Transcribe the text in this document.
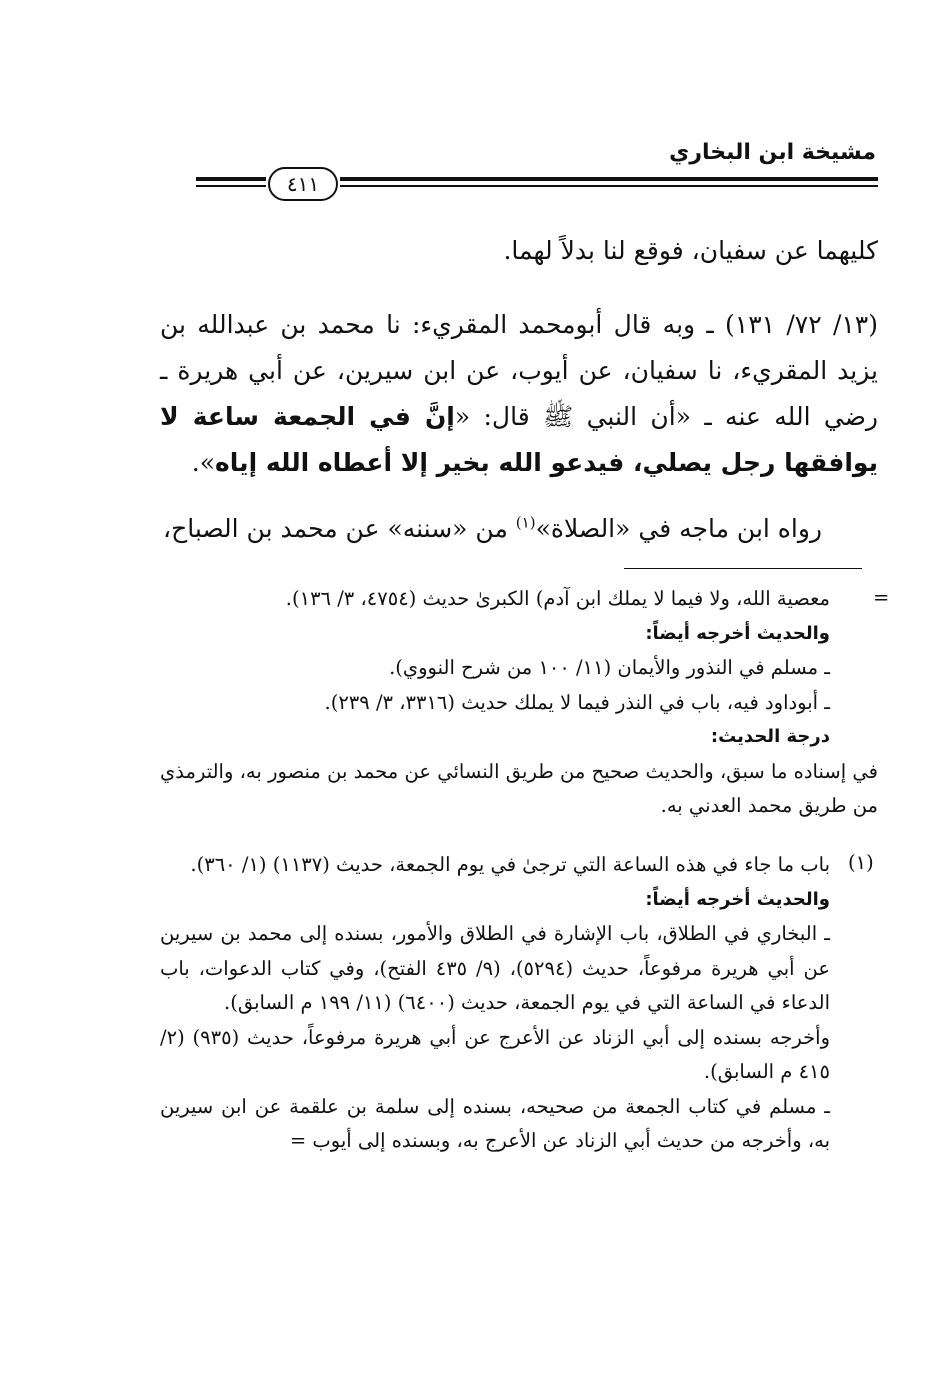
مشيخة ابن البخاري
٤١١

كليهما عن سفيان، فوقع لنا بدلاً لهما.

(١٣/ ٧٢/ ١٣١) ـ وبه قال أبومحمد المقريء: نا محمد بن عبدالله بن يزيد المقريء، نا سفيان، عن أيوب، عن ابن سيرين، عن أبي هريرة ـ رضي الله عنه ـ «أن النبي ﷺ قال: «إنَّ في الجمعة ساعة لا يوافقها رجل يصلي، فيدعو الله بخير إلا أعطاه الله إياه».

رواه ابن ماجه في «الصلاة»$^{(١)}$ من «سننه» عن محمد بن الصباح،

=

معصية الله، ولا فيما لا يملك ابن آدم) الكبرىٰ حديث (٤٧٥٤، ٣/ ١٣٦).

والحديث أخرجه أيضاً:

ـ مسلم في النذور والأيمان (١١/ ١٠٠ من شرح النووي).

ـ أبوداود فيه، باب في النذر فيما لا يملك حديث (٣٣١٦، ٣/ ٢٣٩).

درجة الحديث:

في إسناده ما سبق، والحديث صحيح من طريق النسائي عن محمد بن منصور به، والترمذي من طريق محمد العدني به.

(١)

باب ما جاء في هذه الساعة التي ترجىٰ في يوم الجمعة، حديث (١١٣٧) (١/ ٣٦٠).

والحديث أخرجه أيضاً:

ـ البخاري في الطلاق، باب الإشارة في الطلاق والأمور، بسنده إلى محمد بن سيرين عن أبي هريرة مرفوعاً، حديث (٥٢٩٤)، (٩/ ٤٣٥ الفتح)، وفي كتاب الدعوات، باب الدعاء في الساعة التي في يوم الجمعة، حديث (٦٤٠٠) (١١/ ١٩٩ م السابق).

وأخرجه بسنده إلى أبي الزناد عن الأعرج عن أبي هريرة مرفوعاً، حديث (٩٣٥) (٢/ ٤١٥ م السابق).

ـ مسلم في كتاب الجمعة من صحيحه، بسنده إلى سلمة بن علقمة عن ابن سيرين به، وأخرجه من حديث أبي الزناد عن الأعرج به، وبسنده إلى أيوب =
